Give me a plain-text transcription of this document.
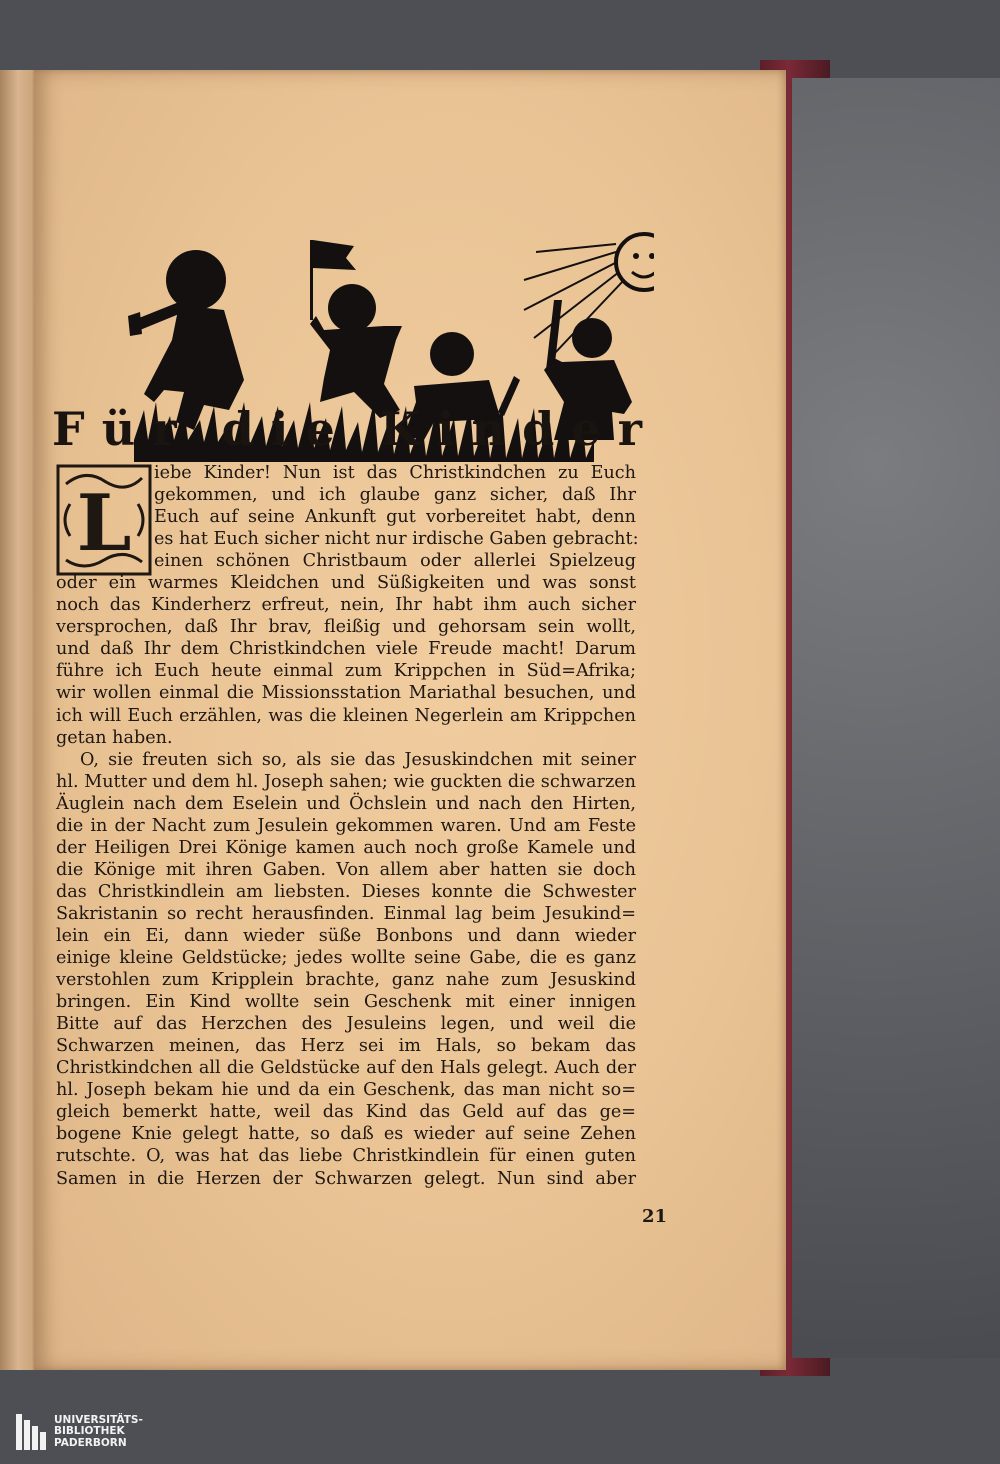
F ü r d i e K i n d e r
L
iebe Kinder! Nun ist das Christkindchen zu Euch
gekommen, und ich glaube ganz sicher, daß Ihr
Euch auf seine Ankunft gut vorbereitet habt, denn
es hat Euch sicher nicht nur irdische Gaben gebracht:
einen schönen Christbaum oder allerlei Spielzeug
oder ein warmes Kleidchen und Süßigkeiten und was sonst
noch das Kinderherz erfreut, nein, Ihr habt ihm auch sicher
versprochen, daß Ihr brav, fleißig und gehorsam sein wollt,
und daß Ihr dem Christkindchen viele Freude macht! Darum
führe ich Euch heute einmal zum Krippchen in Süd=Afrika;
wir wollen einmal die Missionsstation Mariathal besuchen, und
ich will Euch erzählen, was die kleinen Negerlein am Krippchen
getan haben.
O, sie freuten sich so, als sie das Jesuskindchen mit seiner
hl. Mutter und dem hl. Joseph sahen; wie guckten die schwarzen
Äuglein nach dem Eselein und Öchslein und nach den Hirten,
die in der Nacht zum Jesulein gekommen waren. Und am Feste
der Heiligen Drei Könige kamen auch noch große Kamele und
die Könige mit ihren Gaben. Von allem aber hatten sie doch
das Christkindlein am liebsten. Dieses konnte die Schwester
Sakristanin so recht herausfinden. Einmal lag beim Jesukind=
lein ein Ei, dann wieder süße Bonbons und dann wieder
einige kleine Geldstücke; jedes wollte seine Gabe, die es ganz
verstohlen zum Kripplein brachte, ganz nahe zum Jesuskind
bringen. Ein Kind wollte sein Geschenk mit einer innigen
Bitte auf das Herzchen des Jesuleins legen, und weil die
Schwarzen meinen, das Herz sei im Hals, so bekam das
Christkindchen all die Geldstücke auf den Hals gelegt. Auch der
hl. Joseph bekam hie und da ein Geschenk, das man nicht so=
gleich bemerkt hatte, weil das Kind das Geld auf das ge=
bogene Knie gelegt hatte, so daß es wieder auf seine Zehen
rutschte. O, was hat das liebe Christkindlein für einen guten
Samen in die Herzen der Schwarzen gelegt. Nun sind aber
21
UNIVERSITÄTS-
BIBLIOTHEK
PADERBORN
